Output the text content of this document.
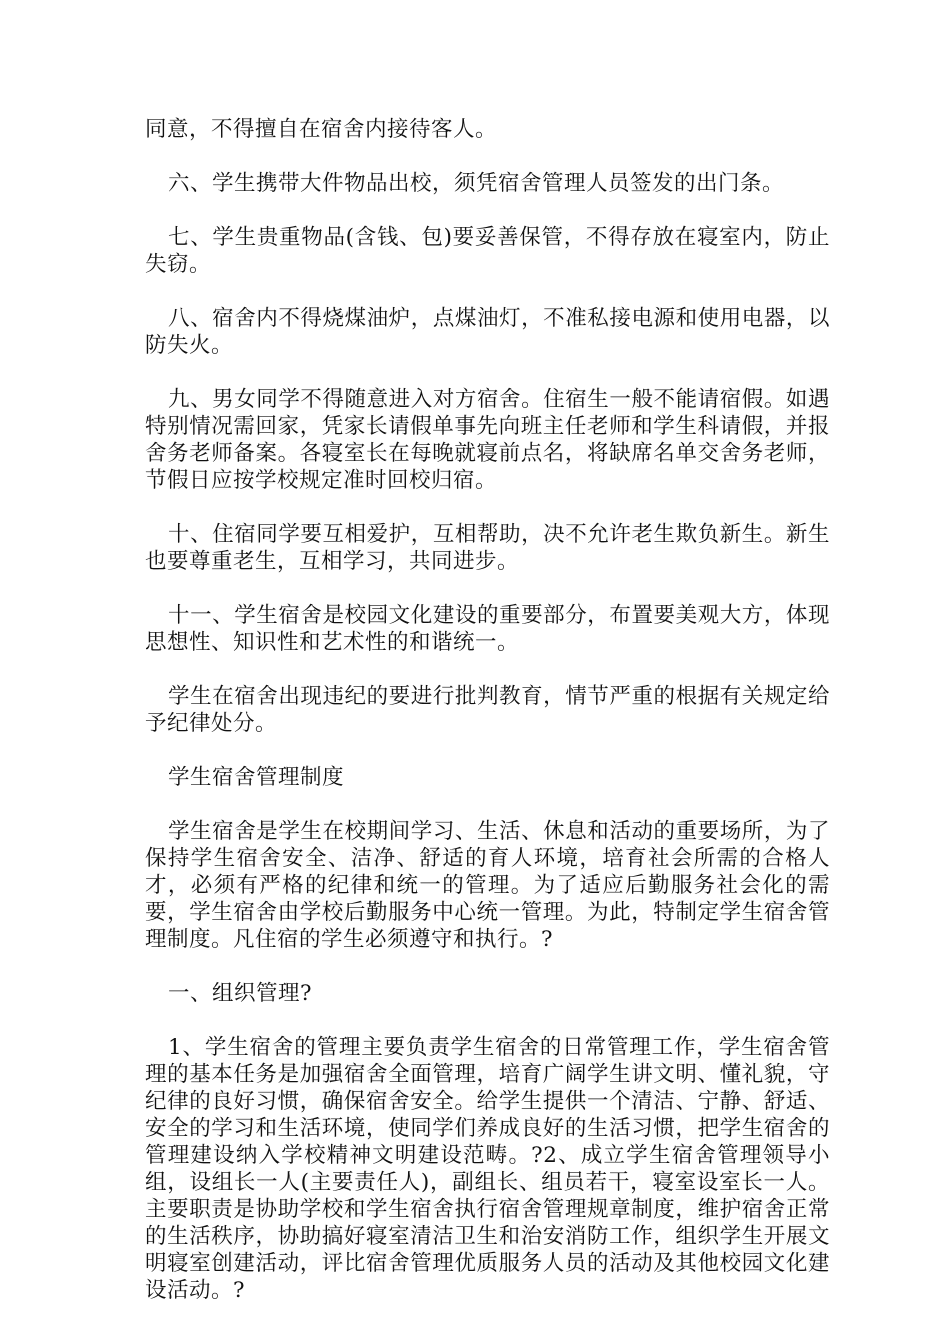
同意，不得擅自在宿舍内接待客人。

六、学生携带大件物品出校，须凭宿舍管理人员签发的出门条。

七、学生贵重物品(含钱、包)要妥善保管，不得存放在寝室内，防止失窃。

八、宿舍内不得烧煤油炉，点煤油灯，不准私接电源和使用电器，以防失火。

九、男女同学不得随意进入对方宿舍。住宿生一般不能请宿假。如遇特别情况需回家，凭家长请假单事先向班主任老师和学生科请假，并报舍务老师备案。各寝室长在每晚就寝前点名，将缺席名单交舍务老师，节假日应按学校规定准时回校归宿。

十、住宿同学要互相爱护，互相帮助，决不允许老生欺负新生。新生也要尊重老生，互相学习，共同进步。

十一、学生宿舍是校园文化建设的重要部分，布置要美观大方，体现思想性、知识性和艺术性的和谐统一。

学生在宿舍出现违纪的要进行批判教育，情节严重的根据有关规定给予纪律处分。

学生宿舍管理制度

学生宿舍是学生在校期间学习、生活、休息和活动的重要场所，为了保持学生宿舍安全、洁净、舒适的育人环境，培育社会所需的合格人才，必须有严格的纪律和统一的管理。为了适应后勤服务社会化的需要，学生宿舍由学校后勤服务中心统一管理。为此，特制定学生宿舍管理制度。凡住宿的学生必须遵守和执行。?

一、组织管理?

1、学生宿舍的管理主要负责学生宿舍的日常管理工作，学生宿舍管理的基本任务是加强宿舍全面管理，培育广阔学生讲文明、懂礼貌，守纪律的良好习惯，确保宿舍安全。给学生提供一个清洁、宁静、舒适、安全的学习和生活环境，使同学们养成良好的生活习惯，把学生宿舍的管理建设纳入学校精神文明建设范畴。?2、成立学生宿舍管理领导小组，设组长一人(主要责任人)，副组长、组员若干，寝室设室长一人。主要职责是协助学校和学生宿舍执行宿舍管理规章制度，维护宿舍正常的生活秩序，协助搞好寝室清洁卫生和治安消防工作，组织学生开展文明寝室创建活动，评比宿舍管理优质服务人员的活动及其他校园文化建设活动。?
